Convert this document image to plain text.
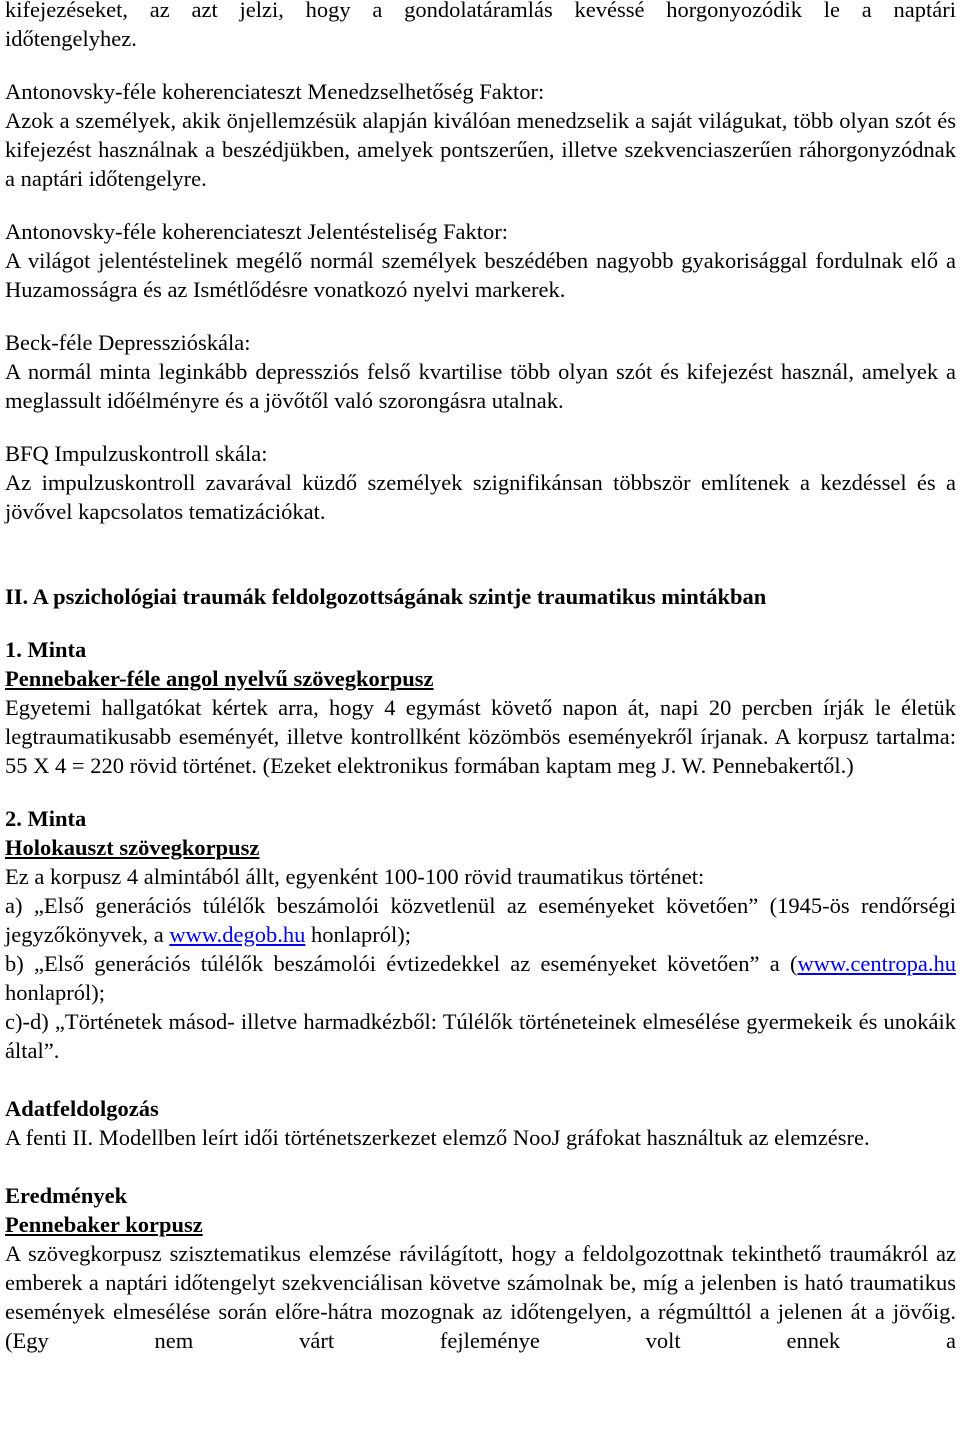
kifejezéseket, az azt jelzi, hogy a gondolatáramlás kevéssé horgonyozódik le a naptári
időtengelyhez.

Antonovsky-féle koherenciateszt Menedzselhetőség Faktor:

Azok a személyek, akik önjellemzésük alapján kiválóan menedzselik a saját világukat, több olyan szót és kifejezést használnak a beszédjükben, amelyek pontszerűen, illetve szekvenciaszerűen ráhorgonyzódnak a naptári időtengelyre.

Antonovsky-féle koherenciateszt Jelentésteliség Faktor:

A világot jelentéstelinek megélő normál személyek beszédében nagyobb gyakorisággal fordulnak elő a Huzamosságra és az Ismétlődésre vonatkozó nyelvi markerek.

Beck-féle Depresszióskála:

A normál minta leginkább depressziós felső kvartilise több olyan szót és kifejezést használ, amelyek a meglassult időélményre és a jövőtől való szorongásra utalnak.

BFQ Impulzuskontroll skála:

Az impulzuskontroll zavarával küzdő személyek szignifikánsan többször említenek a kezdéssel és a jövővel kapcsolatos tematizációkat.

II. A pszichológiai traumák feldolgozottságának szintje traumatikus mintákban

1. Minta

Pennebaker-féle angol nyelvű szövegkorpusz

Egyetemi hallgatókat kértek arra, hogy 4 egymást követő napon át, napi 20 percben írják le életük legtraumatikusabb eseményét, illetve kontrollként közömbös eseményekről írjanak. A korpusz tartalma: 55 X 4 = 220 rövid történet. (Ezeket elektronikus formában kaptam meg J. W. Pennebakertől.)

2. Minta

Holokauszt szövegkorpusz

Ez a korpusz 4 almintából állt, egyenként 100-100 rövid traumatikus történet:

a) „Első generációs túlélők beszámolói közvetlenül az eseményeket követően” (1945-ös rendőrségi jegyzőkönyvek, a www.degob.hu honlapról);

b) „Első generációs túlélők beszámolói évtizedekkel az eseményeket követően” a (www.centropa.hu honlapról);

c)-d) „Történetek másod- illetve harmadkézből: Túlélők történeteinek elmesélése gyermekeik és unokáik által”.

Adatfeldolgozás

A fenti II. Modellben leírt idői történetszerkezet elemző NooJ gráfokat használtuk az elemzésre.

Eredmények

Pennebaker korpusz

A szövegkorpusz szisztematikus elemzése rávilágított, hogy a feldolgozottnak tekinthető traumákról az emberek a naptári időtengelyt szekvenciálisan követve számolnak be, míg a jelenben is ható traumatikus események elmesélése során előre-hátra mozognak az időtengelyen, a régmúlttól a jelenen át a jövőig. (Egy nem várt fejleménye volt ennek a
